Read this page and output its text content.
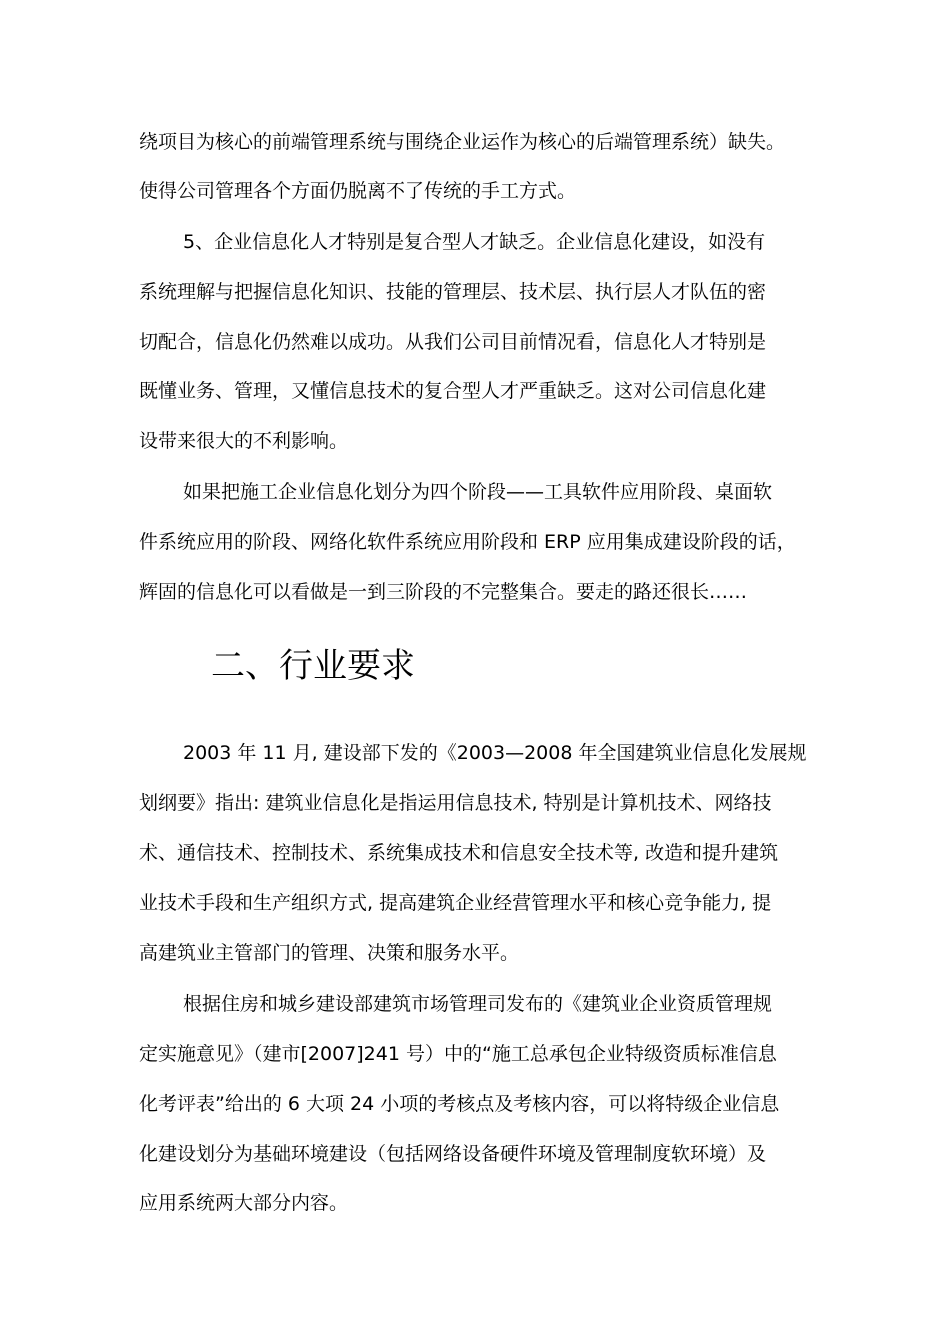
绕项目为核心的前端管理系统与围绕企业运作为核心的后端管理系统）缺失。
使得公司管理各个方面仍脱离不了传统的手工方式。
5、企业信息化人才特别是复合型人才缺乏。企业信息化建设，如没有
系统理解与把握信息化知识、技能的管理层、技术层、执行层人才队伍的密
切配合，信息化仍然难以成功。从我们公司目前情况看，信息化人才特别是
既懂业务、管理，又懂信息技术的复合型人才严重缺乏。这对公司信息化建
设带来很大的不利影响。
如果把施工企业信息化划分为四个阶段——工具软件应用阶段、桌面软
件系统应用的阶段、网络化软件系统应用阶段和 ERP 应用集成建设阶段的话，
辉固的信息化可以看做是一到三阶段的不完整集合。要走的路还很长……
二、行业要求
2003 年 11 月, 建设部下发的《2003—2008 年全国建筑业信息化发展规
划纲要》指出: 建筑业信息化是指运用信息技术, 特别是计算机技术、网络技
术、通信技术、控制技术、系统集成技术和信息安全技术等, 改造和提升建筑
业技术手段和生产组织方式, 提高建筑企业经营管理水平和核心竞争能力, 提
高建筑业主管部门的管理、决策和服务水平。
根据住房和城乡建设部建筑市场管理司发布的《建筑业企业资质管理规
定实施意见》（建市[2007]241 号）中的“施工总承包企业特级资质标准信息
化考评表”给出的 6 大项 24 小项的考核点及考核内容，可以将特级企业信息
化建设划分为基础环境建设（包括网络设备硬件环境及管理制度软环境）及
应用系统两大部分内容。
